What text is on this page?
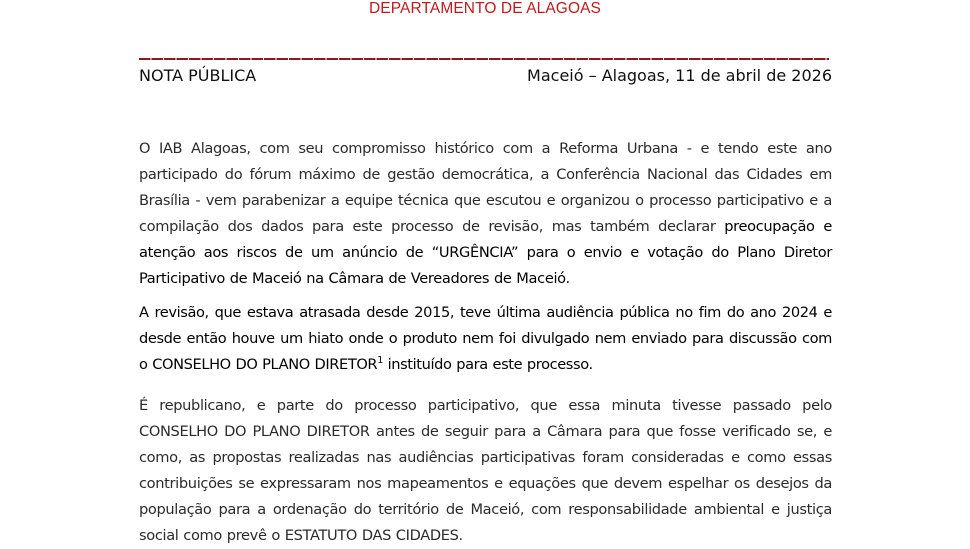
DEPARTAMENTO DE ALAGOAS
NOTA PÚBLICA	Maceió – Alagoas, 11 de abril de 2026

O IAB Alagoas, com seu compromisso histórico com a Reforma Urbana - e tendo este ano participado do fórum máximo de gestão democrática, a Conferência Nacional das Cidades em Brasília - vem parabenizar a equipe técnica que escutou e organizou o processo participativo e a compilação dos dados para este processo de revisão, mas também declarar preocupação e atenção aos riscos de um anúncio de “URGÊNCIA” para o envio e votação do Plano Diretor Participativo de Maceió na Câmara de Vereadores de Maceió.

A revisão, que estava atrasada desde 2015, teve última audiência pública no fim do ano 2024 e desde então houve um hiato onde o produto nem foi divulgado nem enviado para discussão com o CONSELHO DO PLANO DIRETOR$^1$ instituído para este processo.

É republicano, e parte do processo participativo, que essa minuta tivesse passado pelo CONSELHO DO PLANO DIRETOR antes de seguir para a Câmara para que fosse verificado se, e como, as propostas realizadas nas audiências participativas foram consideradas e como essas contribuições se expressaram nos mapeamentos e equações que devem espelhar os desejos da população para a ordenação do território de Maceió, com responsabilidade ambiental e justiça social como prevê o ESTATUTO DAS CIDADES.
